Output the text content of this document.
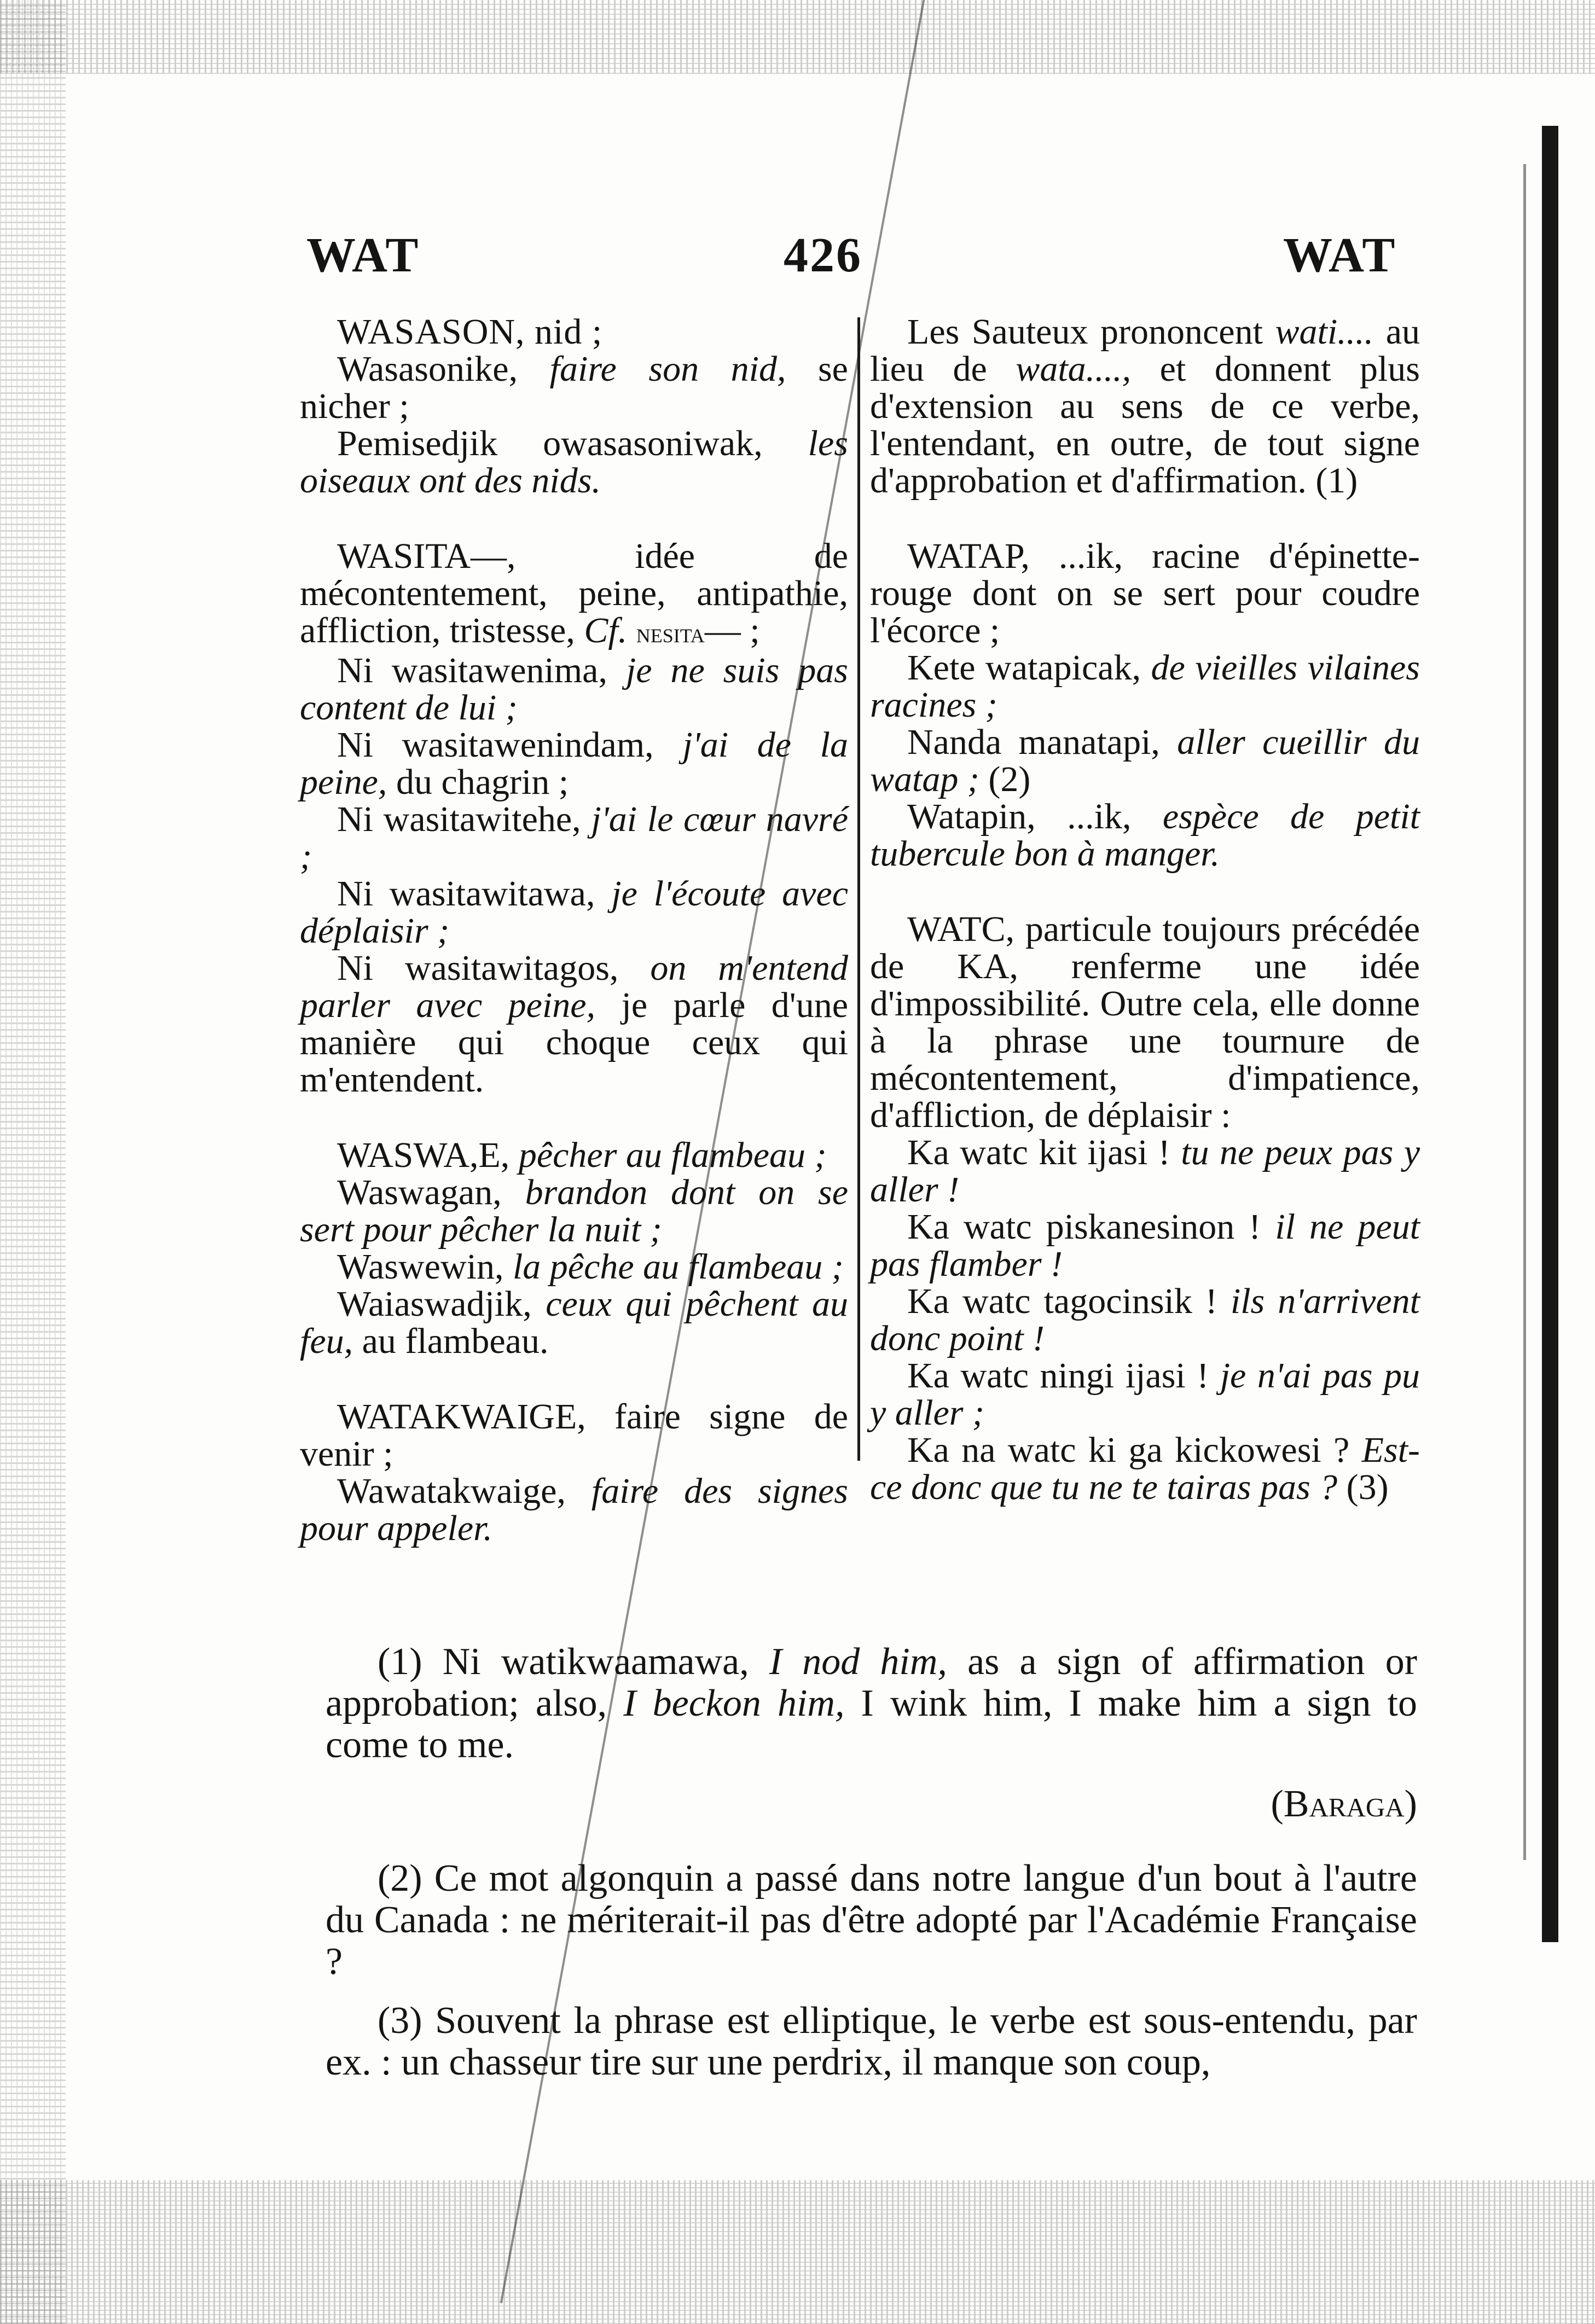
WAT	426	WAT

WASASON, nid ;

Wasasonike, faire son nid, se nicher ;

Pemisedjik owasasoniwak, les oiseaux ont des nids.

WASITA—, idée de mécontentement, peine, antipathie, affliction, tristesse, Cf. nesita— ;

Ni wasitawenima, je ne suis pas content de lui ;

Ni wasitawenindam, j'ai de la peine, du chagrin ;

Ni wasitawitehe, j'ai le cœur navré ;

Ni wasitawitawa, je l'écoute avec déplaisir ;

Ni wasitawitagos, on m'entend parler avec peine, je parle d'une manière qui choque ceux qui m'entendent.

WASWA,E, pêcher au flambeau ;

Waswagan, brandon dont on se sert pour pêcher la nuit ;

Waswewin, la pêche au flambeau ;

Waiaswadjik, ceux qui pêchent au feu, au flambeau.

WATAKWAIGE, faire signe de venir ;

Wawatakwaige, faire des signes pour appeler.

Les Sauteux prononcent wati.... au lieu de wata...., et donnent plus d'extension au sens de ce verbe, l'entendant, en outre, de tout signe d'approbation et d'affirmation. (1)

WATAP, ...ik, racine d'épinette-rouge dont on se sert pour coudre l'écorce ;

Kete watapicak, de vieilles vilaines racines ;

Nanda manatapi, aller cueillir du watap ; (2)

Watapin, ...ik, espèce de petit tubercule bon à manger.

WATC, particule toujours précédée de KA, renferme une idée d'impossibilité. Outre cela, elle donne à la phrase une tournure de mécontentement, d'impatience, d'affliction, de déplaisir :

Ka watc kit ijasi ! tu ne peux pas y aller !

Ka watc piskanesinon ! il ne peut pas flamber !

Ka watc tagocinsik ! ils n'arrivent donc point !

Ka watc ningi ijasi ! je n'ai pas pu y aller ;

Ka na watc ki ga kickowesi ? Est-ce donc que tu ne te tairas pas ? (3)

(1) Ni watikwaamawa, I nod him, as a sign of affirmation or approbation; also, I beckon him, I wink him, I make him a sign to come to me.

(Baraga)

(2) Ce mot algonquin a passé dans notre langue d'un bout à l'autre du Canada : ne mériterait-il pas d'être adopté par l'Académie Française ?

(3) Souvent la phrase est elliptique, le verbe est sous-entendu, par ex. : un chasseur tire sur une perdrix, il manque son coup,
